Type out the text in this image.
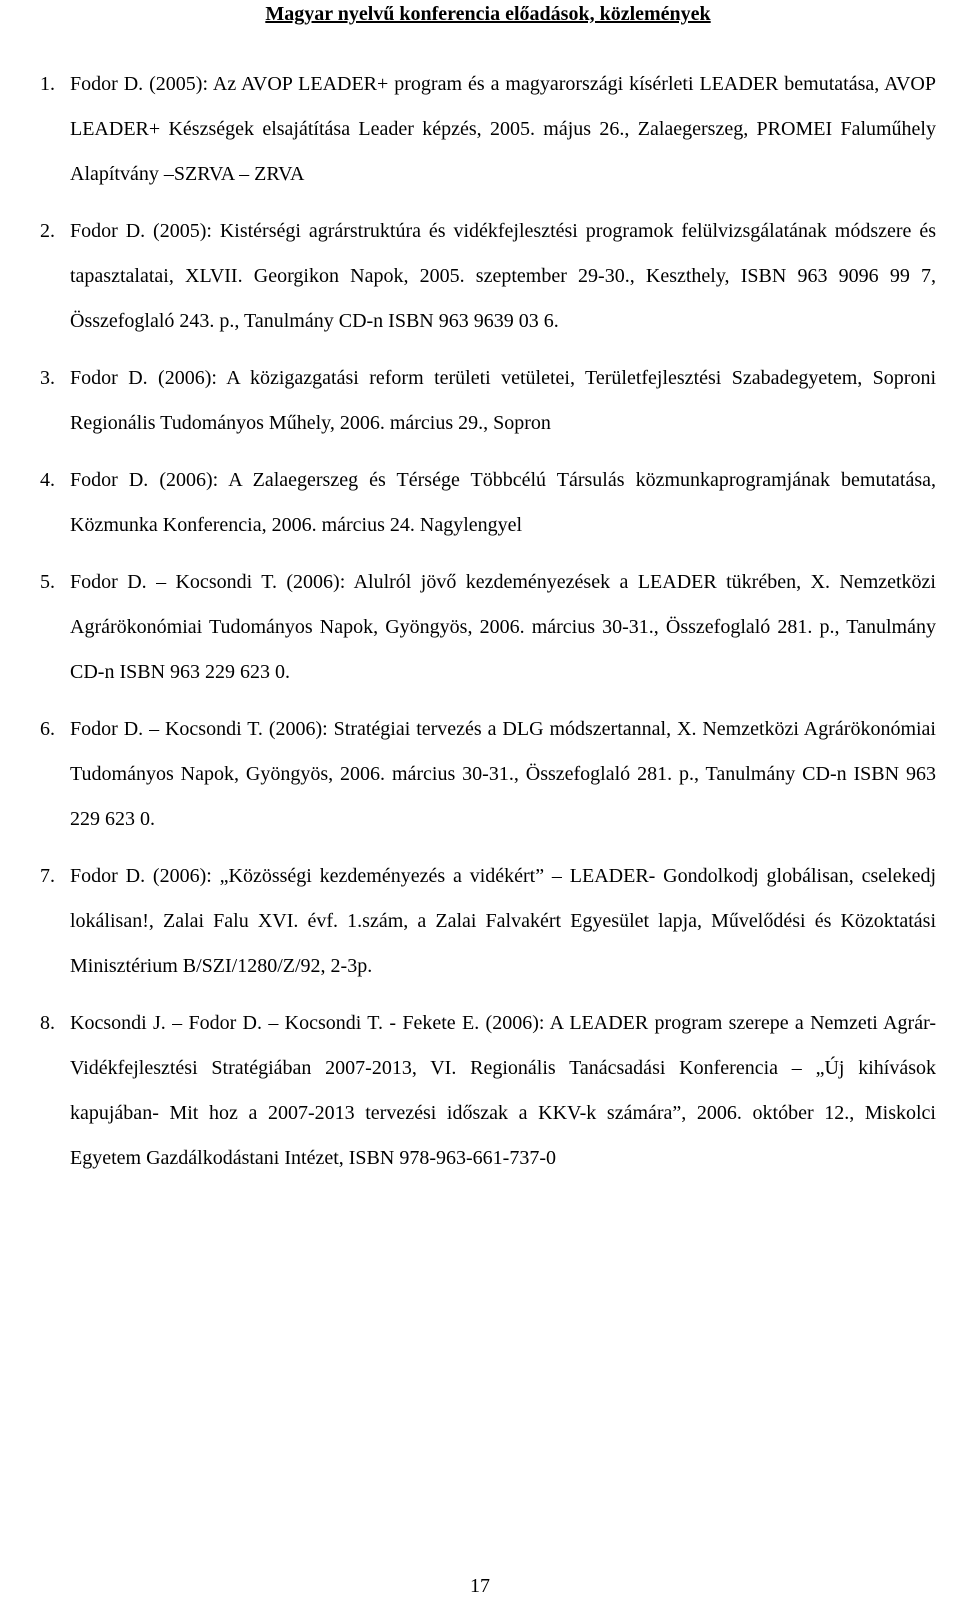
Magyar nyelvű konferencia előadások, közlemények
1. Fodor D. (2005): Az AVOP LEADER+ program és a magyarországi kísérleti LEADER bemutatása, AVOP LEADER+ Készségek elsajátítása Leader képzés, 2005. május 26., Zalaegerszeg, PROMEI Faluműhely Alapítvány –SZRVA – ZRVA
2. Fodor D. (2005): Kistérségi agrárstruktúra és vidékfejlesztési programok felülvizsgálatának módszere és tapasztalatai, XLVII. Georgikon Napok, 2005. szeptember 29-30., Keszthely, ISBN 963 9096 99 7, Összefoglaló 243. p., Tanulmány CD-n ISBN 963 9639 03 6.
3. Fodor D. (2006): A közigazgatási reform területi vetületei, Területfejlesztési Szabadegyetem, Soproni Regionális Tudományos Műhely, 2006. március 29., Sopron
4. Fodor D. (2006): A Zalaegerszeg és Térsége Többcélú Társulás közmunkaprogramjának bemutatása, Közmunka Konferencia, 2006. március 24. Nagylengyel
5. Fodor D. – Kocsondi T. (2006): Alulról jövő kezdeményezések a LEADER tükrében, X. Nemzetközi Agrárökonómiai Tudományos Napok, Gyöngyös, 2006. március 30-31., Összefoglaló 281. p., Tanulmány CD-n ISBN 963 229 623 0.
6. Fodor D. – Kocsondi T. (2006): Stratégiai tervezés a DLG módszertannal, X. Nemzetközi Agrárökonómiai Tudományos Napok, Gyöngyös, 2006. március 30-31., Összefoglaló 281. p., Tanulmány CD-n ISBN 963 229 623 0.
7. Fodor D. (2006): „Közösségi kezdeményezés a vidékért” – LEADER- Gondolkodj globálisan, cselekedj lokálisan!, Zalai Falu XVI. évf. 1.szám, a Zalai Falvakért Egyesület lapja, Művelődési és Közoktatási Minisztérium B/SZI/1280/Z/92, 2-3p.
8. Kocsondi J. – Fodor D. – Kocsondi T. - Fekete E. (2006): A LEADER program szerepe a Nemzeti Agrár- Vidékfejlesztési Stratégiában 2007-2013, VI. Regionális Tanácsadási Konferencia – „Új kihívások kapujában- Mit hoz a 2007-2013 tervezési időszak a KKV-k számára”, 2006. október 12., Miskolci Egyetem Gazdálkodástani Intézet, ISBN 978-963-661-737-0
17
